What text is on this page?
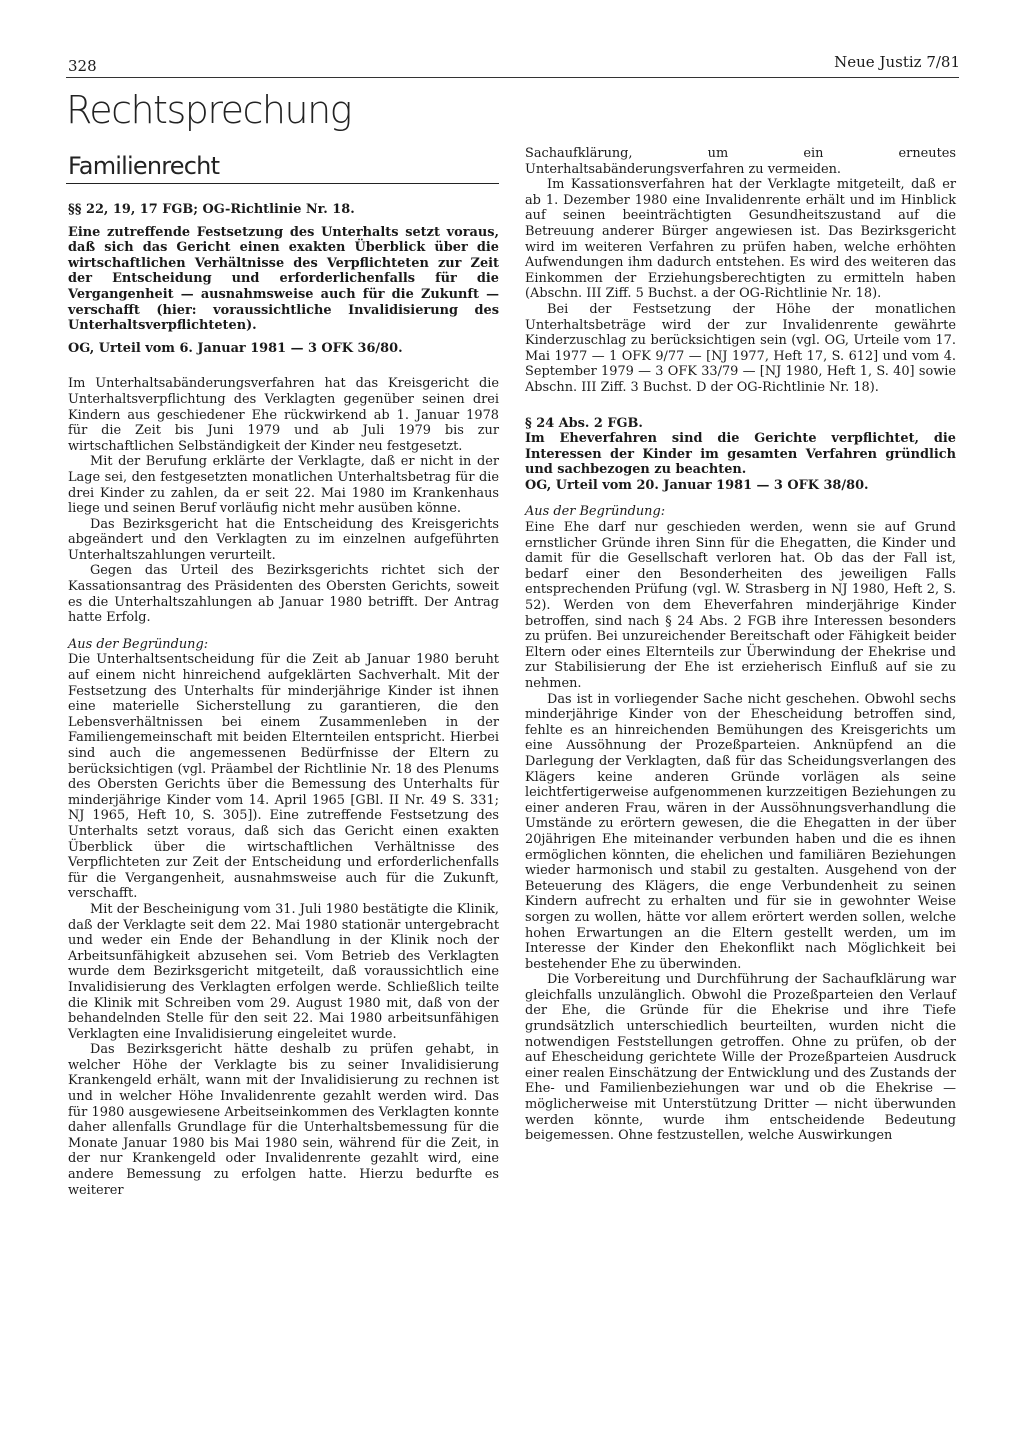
328	Neue Justiz 7/81
Rechtsprechung
Familienrecht

§§ 22, 19, 17 FGB; OG-Richtlinie Nr. 18.

Eine zutreffende Festsetzung des Unterhalts setzt voraus, daß sich das Gericht einen exakten Überblick über die wirtschaftlichen Verhältnisse des Verpflichteten zur Zeit der Entscheidung und erforderlichenfalls für die Vergangenheit — ausnahmsweise auch für die Zukunft — verschafft (hier: voraussichtliche Invalidisierung des Unterhaltsverpflichteten).

OG, Urteil vom 6. Januar 1981 — 3 OFK 36/80.

Im Unterhaltsabänderungsverfahren hat das Kreisgericht die Unterhaltsverpflichtung des Verklagten gegenüber seinen drei Kindern aus geschiedener Ehe rückwirkend ab 1. Januar 1978 für die Zeit bis Juni 1979 und ab Juli 1979 bis zur wirtschaftlichen Selbständigkeit der Kinder neu festgesetzt.

Mit der Berufung erklärte der Verklagte, daß er nicht in der Lage sei, den festgesetzten monatlichen Unterhaltsbetrag für die drei Kinder zu zahlen, da er seit 22. Mai 1980 im Krankenhaus liege und seinen Beruf vorläufig nicht mehr ausüben könne.

Das Bezirksgericht hat die Entscheidung des Kreisgerichts abgeändert und den Verklagten zu im einzelnen aufgeführten Unterhaltszahlungen verurteilt.

Gegen das Urteil des Bezirksgerichts richtet sich der Kassationsantrag des Präsidenten des Obersten Gerichts, soweit es die Unterhaltszahlungen ab Januar 1980 betrifft. Der Antrag hatte Erfolg.

Aus der Begründung:

Die Unterhaltsentscheidung für die Zeit ab Januar 1980 beruht auf einem nicht hinreichend aufgeklärten Sachverhalt. Mit der Festsetzung des Unterhalts für minderjährige Kinder ist ihnen eine materielle Sicherstellung zu garantieren, die den Lebensverhältnissen bei einem Zusammenleben in der Familiengemeinschaft mit beiden Elternteilen entspricht. Hierbei sind auch die angemessenen Bedürfnisse der Eltern zu berücksichtigen (vgl. Präambel der Richtlinie Nr. 18 des Plenums des Obersten Gerichts über die Bemessung des Unterhalts für minderjährige Kinder vom 14. April 1965 [GBl. II Nr. 49 S. 331; NJ 1965, Heft 10, S. 305]). Eine zutreffende Festsetzung des Unterhalts setzt voraus, daß sich das Gericht einen exakten Überblick über die wirtschaftlichen Verhältnisse des Verpflichteten zur Zeit der Entscheidung und erforderlichenfalls für die Vergangenheit, ausnahmsweise auch für die Zukunft, verschafft.

Mit der Bescheinigung vom 31. Juli 1980 bestätigte die Klinik, daß der Verklagte seit dem 22. Mai 1980 stationär untergebracht und weder ein Ende der Behandlung in der Klinik noch der Arbeitsunfähigkeit abzusehen sei. Vom Betrieb des Verklagten wurde dem Bezirksgericht mitgeteilt, daß voraussichtlich eine Invalidisierung des Verklagten erfolgen werde. Schließlich teilte die Klinik mit Schreiben vom 29. August 1980 mit, daß von der behandelnden Stelle für den seit 22. Mai 1980 arbeitsunfähigen Verklagten eine Invalidisierung eingeleitet wurde.

Das Bezirksgericht hätte deshalb zu prüfen gehabt, in welcher Höhe der Verklagte bis zu seiner Invalidisierung Krankengeld erhält, wann mit der Invalidisierung zu rechnen ist und in welcher Höhe Invalidenrente gezahlt werden wird. Das für 1980 ausgewiesene Arbeitseinkommen des Verklagten konnte daher allenfalls Grundlage für die Unterhaltsbemessung für die Monate Januar 1980 bis Mai 1980 sein, während für die Zeit, in der nur Krankengeld oder Invalidenrente gezahlt wird, eine andere Bemessung zu erfolgen hatte. Hierzu bedurfte es weiterer

Sachaufklärung, um ein erneutes Unterhaltsabänderungsverfahren zu vermeiden.

Im Kassationsverfahren hat der Verklagte mitgeteilt, daß er ab 1. Dezember 1980 eine Invalidenrente erhält und im Hinblick auf seinen beeinträchtigten Gesundheitszustand auf die Betreuung anderer Bürger angewiesen ist. Das Bezirksgericht wird im weiteren Verfahren zu prüfen haben, welche erhöhten Aufwendungen ihm dadurch entstehen. Es wird des weiteren das Einkommen der Erziehungsberechtigten zu ermitteln haben (Abschn. III Ziff. 5 Buchst. a der OG-Richtlinie Nr. 18).

Bei der Festsetzung der Höhe der monatlichen Unterhaltsbeträge wird der zur Invalidenrente gewährte Kinderzuschlag zu berücksichtigen sein (vgl. OG, Urteile vom 17. Mai 1977 — 1 OFK 9/77 — [NJ 1977, Heft 17, S. 612] und vom 4. September 1979 — 3 OFK 33/79 — [NJ 1980, Heft 1, S. 40] sowie Abschn. III Ziff. 3 Buchst. D der OG-Richtlinie Nr. 18).

§ 24 Abs. 2 FGB.

Im Eheverfahren sind die Gerichte verpflichtet, die Interessen der Kinder im gesamten Verfahren gründlich und sachbezogen zu beachten.

OG, Urteil vom 20. Januar 1981 — 3 OFK 38/80.

Aus der Begründung:

Eine Ehe darf nur geschieden werden, wenn sie auf Grund ernstlicher Gründe ihren Sinn für die Ehegatten, die Kinder und damit für die Gesellschaft verloren hat. Ob das der Fall ist, bedarf einer den Besonderheiten des jeweiligen Falls entsprechenden Prüfung (vgl. W. Strasberg in NJ 1980, Heft 2, S. 52). Werden von dem Eheverfahren minderjährige Kinder betroffen, sind nach § 24 Abs. 2 FGB ihre Interessen besonders zu prüfen. Bei unzureichender Bereitschaft oder Fähigkeit beider Eltern oder eines Elternteils zur Überwindung der Ehekrise und zur Stabilisierung der Ehe ist erzieherisch Einfluß auf sie zu nehmen.

Das ist in vorliegender Sache nicht geschehen. Obwohl sechs minderjährige Kinder von der Ehescheidung betroffen sind, fehlte es an hinreichenden Bemühungen des Kreisgerichts um eine Aussöhnung der Prozeßparteien. Anknüpfend an die Darlegung der Verklagten, daß für das Scheidungsverlangen des Klägers keine anderen Gründe vorlägen als seine leichtfertigerweise aufgenommenen kurzzeitigen Beziehungen zu einer anderen Frau, wären in der Aussöhnungsverhandlung die Umstände zu erörtern gewesen, die die Ehegatten in der über 20jährigen Ehe miteinander verbunden haben und die es ihnen ermöglichen könnten, die ehelichen und familiären Beziehungen wieder harmonisch und stabil zu gestalten. Ausgehend von der Beteuerung des Klägers, die enge Verbundenheit zu seinen Kindern aufrecht zu erhalten und für sie in gewohnter Weise sorgen zu wollen, hätte vor allem erörtert werden sollen, welche hohen Erwartungen an die Eltern gestellt werden, um im Interesse der Kinder den Ehekonflikt nach Möglichkeit bei bestehender Ehe zu überwinden.

Die Vorbereitung und Durchführung der Sachaufklärung war gleichfalls unzulänglich. Obwohl die Prozeßparteien den Verlauf der Ehe, die Gründe für die Ehekrise und ihre Tiefe grundsätzlich unterschiedlich beurteilten, wurden nicht die notwendigen Feststellungen getroffen. Ohne zu prüfen, ob der auf Ehescheidung gerichtete Wille der Prozeßparteien Ausdruck einer realen Einschätzung der Entwicklung und des Zustands der Ehe- und Familienbeziehungen war und ob die Ehekrise — möglicherweise mit Unterstützung Dritter — nicht überwunden werden könnte, wurde ihm entscheidende Bedeutung beigemessen. Ohne festzustellen, welche Auswirkungen
